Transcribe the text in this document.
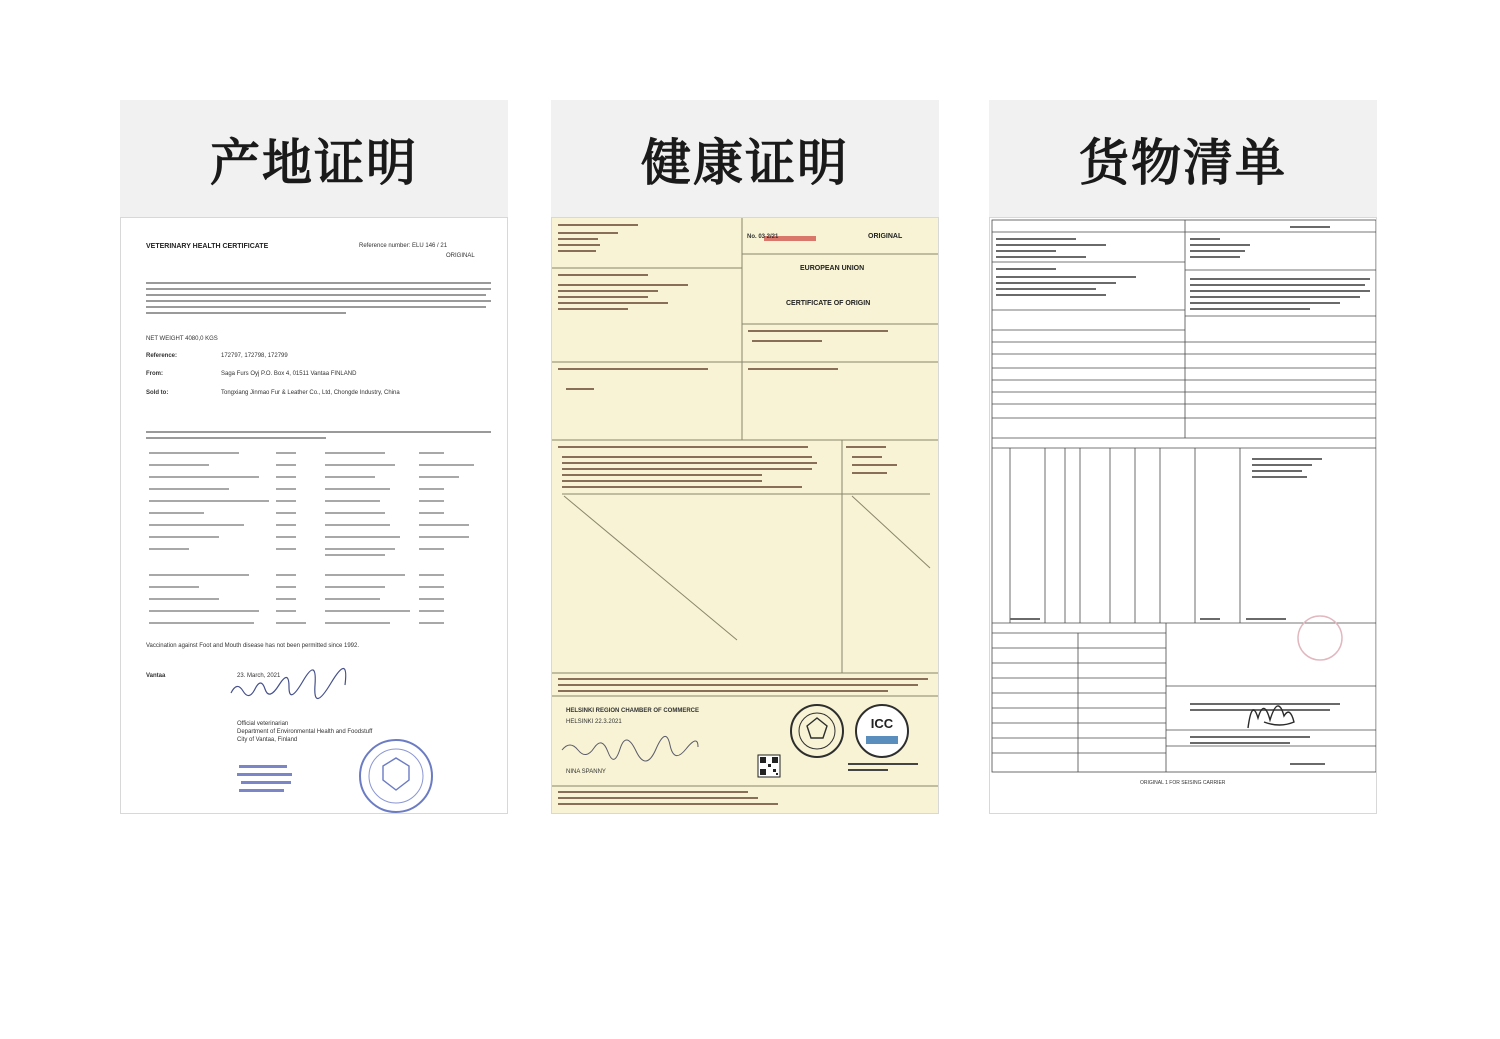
产地证明
VETERINARY HEALTH CERTIFICATE	Reference number: ELU 146 / 21
ORIGINAL
NET WEIGHT 4080,0 KGS
Reference:	172797, 172798, 172799
From:	Saga Furs Oyj P.O. Box 4, 01511 Vantaa FINLAND
Sold to:	Tongxiang Jinmao Fur & Leather Co., Ltd, Chongde Industry, China
Vaccination against Foot and Mouth disease has not been permitted since 1992.
Vantaa	23. March, 2021
Official veterinarian
Department of Environmental Health and Foodstuff
City of Vantaa, Finland
健康证明
ICC
No. 03 2/21	ORIGINAL
EUROPEAN UNION
CERTIFICATE OF ORIGIN
HELSINKI REGION CHAMBER OF COMMERCE
HELSINKI 22.3.2021
NINA SPANNY
货物清单
ORIGINAL 1 FOR SEISING CARRIER
